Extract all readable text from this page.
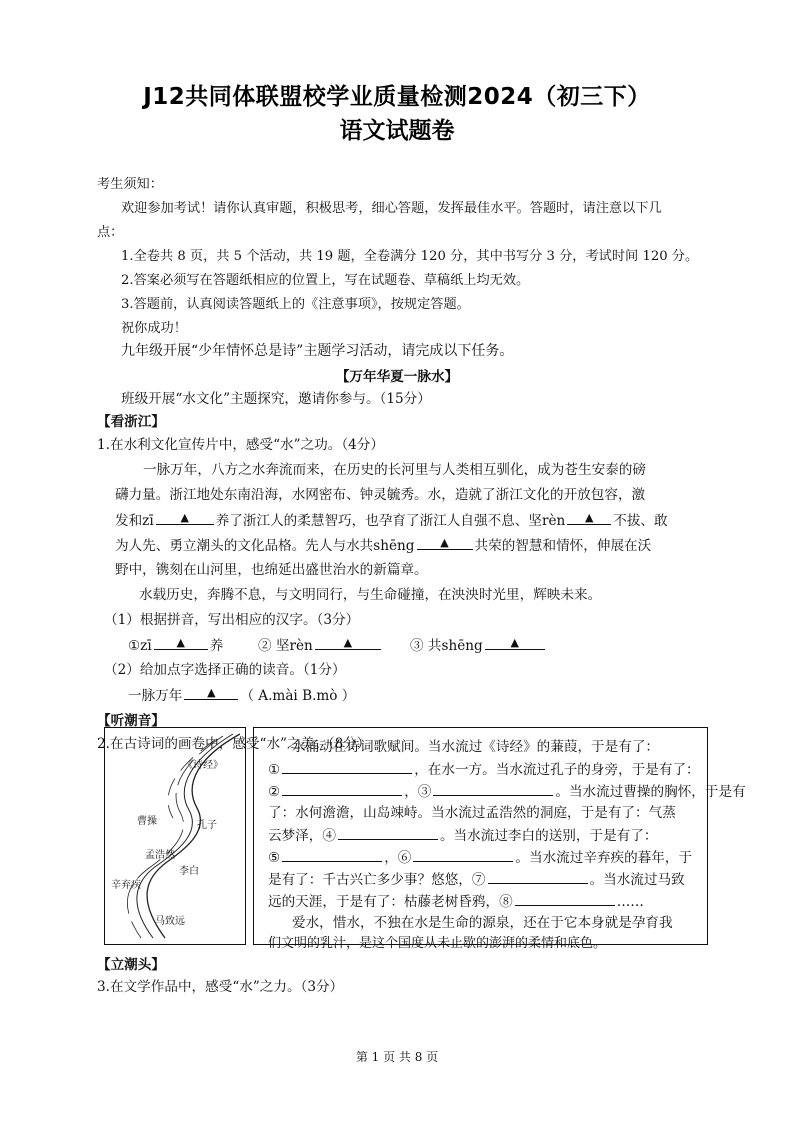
J12共同体联盟校学业质量检测2024（初三下）
语文试题卷
考生须知：
欢迎参加考试！请你认真审题，积极思考，细心答题，发挥最佳水平。答题时，请注意以下几
点：
1.全卷共 8 页，共 5 个活动，共 19 题，全卷满分 120 分，其中书写分 3 分，考试时间 120 分。
2.答案必须写在答题纸相应的位置上，写在试题卷、草稿纸上均无效。
3.答题前，认真阅读答题纸上的《注意事项》，按规定答题。
祝你成功！
九年级开展“少年情怀总是诗”主题学习活动，请完成以下任务。
【万年华夏一脉水】
班级开展“水文化”主题探究，邀请你参与。（15分）
【看浙江】
1.在水利文化宣传片中，感受“水”之功。（4分）
一脉万年，八方之水奔流而来，在历史的长河里与人类相互驯化，成为苍生安泰的磅
礴力量。浙江地处东南沿海，水网密布、钟灵毓秀。水，造就了浙江文化的开放包容，激
发和zī ▲ 养了浙江人的柔慧智巧，也孕育了浙江人自强不息、坚rèn ▲ 不拔、敢
为人先、勇立潮头的文化品格。先人与水共shēng ▲ 共荣的智慧和情怀，伸展在沃
野中，镌刻在山河里，也绵延出盛世治水的新篇章。
水载历史，奔腾不息，与文明同行，与生命碰撞，在泱泱时光里，辉映未来。
（1）根据拼音，写出相应的汉字。（3分）
①zī ▲ 养	② 坚rèn	▲	③ 共shēng	▲
（2）给加点字选择正确的读音。（1分）
一脉万年 ▲ （ A.mài B.mò ）
【听潮音】
2.在古诗词的画卷中，感受“水”之美。（8分）
《诗经》
孔子
曹操
孟浩然
李白
辛弃疾
马致远
水涌动在诗词歌赋间。当水流过《诗经》的蒹葭，于是有了：
①	，在水一方。当水流过孔子的身旁，于是有了：
②	，③	。当水流过曹操的胸怀，于是有
了：水何澹澹，山岛竦峙。当水流过孟浩然的洞庭，于是有了：气蒸
云梦泽，④	。当水流过李白的送别，于是有了：
⑤	，⑥	。当水流过辛弃疾的暮年，于
是有了：千古兴亡多少事？悠悠，⑦	。当水流过马致
远的天涯，于是有了：枯藤老树昏鸦，⑧	……
爱水，惜水，不独在水是生命的源泉，还在于它本身就是孕育我
们文明的乳汁，是这个国度从未止歇的澎湃的柔情和底色。
【立潮头】
3.在文学作品中，感受“水”之力。（3分）
第 1 页 共 8 页
